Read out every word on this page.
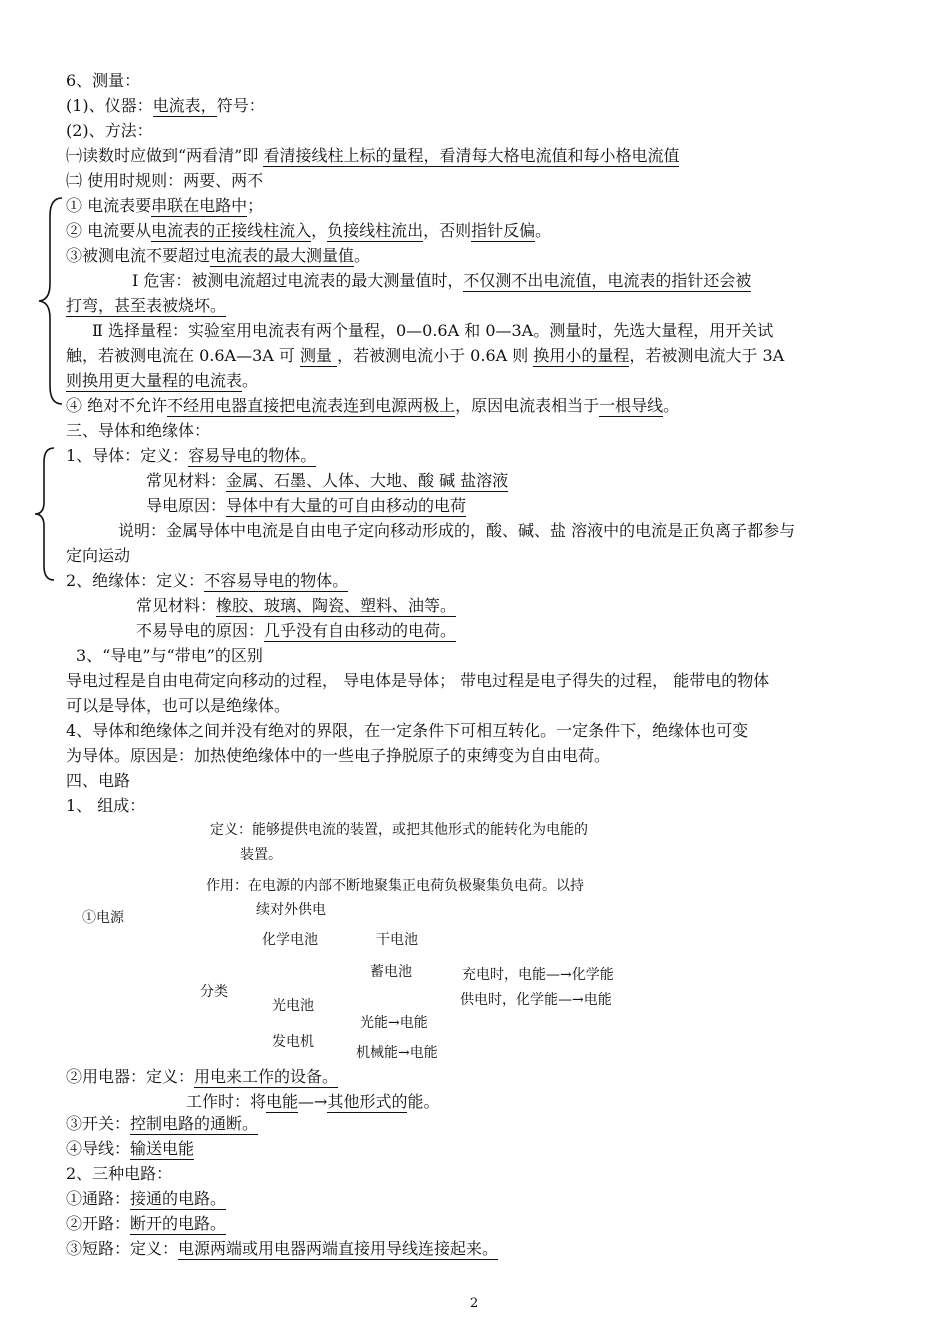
6、测量：
(1)、仪器：电流表，符号：
(2)、方法：
㈠读数时应做到“两看清”即 看清接线柱上标的量程，看清每大格电流值和每小格电流值
㈡ 使用时规则：两要、两不
① 电流表要串联在电路中；
② 电流要从电流表的正接线柱流入，负接线柱流出，否则指针反偏。
③被测电流不要超过电流表的最大测量值。
Ⅰ 危害：被测电流超过电流表的最大测量值时，不仅测不出电流值，电流表的指针还会被
打弯，甚至表被烧坏。
Ⅱ 选择量程：实验室用电流表有两个量程，0—0.6A 和 0—3A。测量时，先选大量程，用开关试
触，若被测电流在 0.6A—3A 可 测量 ，若被测电流小于 0.6A 则 换用小的量程，若被测电流大于 3A
则换用更大量程的电流表。
④ 绝对不允许不经用电器直接把电流表连到电源两极上，原因电流表相当于一根导线。
三、导体和绝缘体：
1、导体：定义：容易导电的物体。
常见材料：金属、石墨、人体、大地、酸 碱 盐溶液
导电原因：导体中有大量的可自由移动的电荷
说明：金属导体中电流是自由电子定向移动形成的，酸、碱、盐 溶液中的电流是正负离子都参与
定向运动
2、绝缘体：定义：不容易导电的物体。
常见材料：橡胶、玻璃、陶瓷、塑料、油等。
不易导电的原因：几乎没有自由移动的电荷。
3、“导电”与“带电”的区别
导电过程是自由电荷定向移动的过程， 导电体是导体； 带电过程是电子得失的过程， 能带电的物体
可以是导体，也可以是绝缘体。
4、导体和绝缘体之间并没有绝对的界限，在一定条件下可相互转化。一定条件下，绝缘体也可变
为导体。原因是：加热使绝缘体中的一些电子挣脱原子的束缚变为自由电荷。
四、电路
1、 组成：
定义：能够提供电流的装置，或把其他形式的能转化为电能的
装置。
作用：在电源的内部不断地聚集正电荷负极聚集负电荷。以持
续对外供电
①电源
化学电池	干电池
蓄电池	充电时，电能—→化学能
分类	供电时，化学能—→电能
光电池
光能→电能
发电机
机械能→电能
②用电器：定义：用电来工作的设备。
工作时：将电能—→其他形式的能。
③开关：控制电路的通断。
④导线：输送电能
2、三种电路：
①通路：接通的电路。
②开路：断开的电路。
③短路：定义：电源两端或用电器两端直接用导线连接起来。
2
